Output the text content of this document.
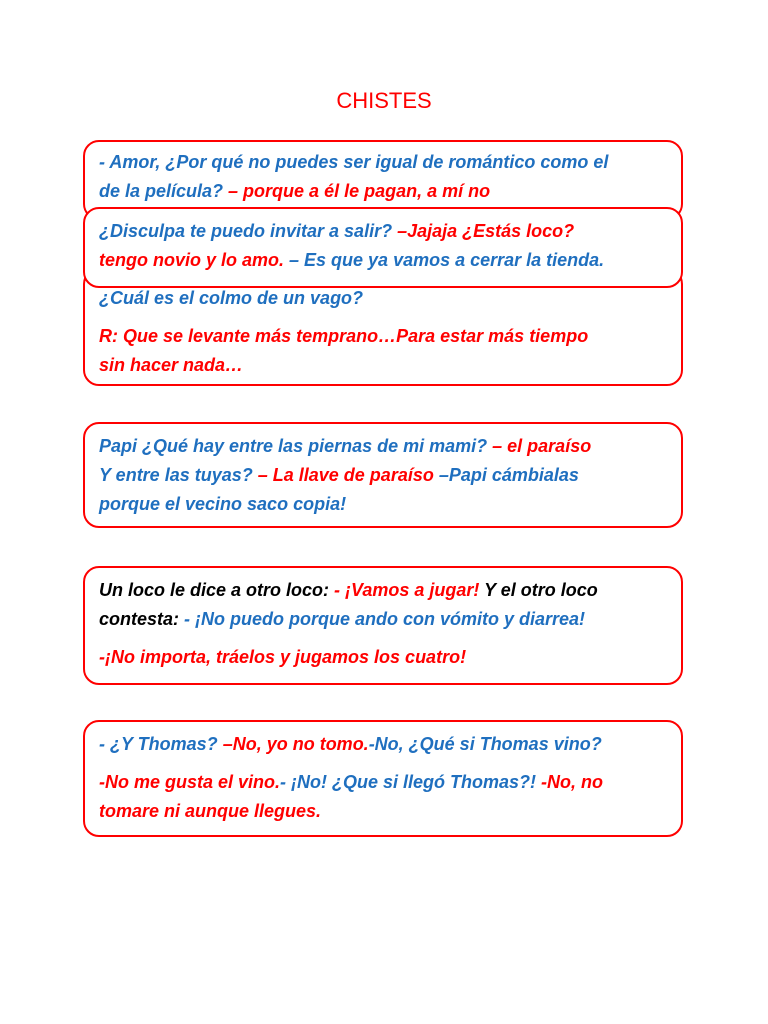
CHISTES
- Amor, ¿Por qué no puedes ser igual de romántico como el
de la película? – porque a él le pagan, a mí no
¿Cuál es el colmo de un vago?
R: Que se levante más temprano…Para estar más tiempo
sin hacer nada…
¿Disculpa te puedo invitar a salir? –Jajaja ¿Estás loco?
tengo novio y lo amo. – Es que ya vamos a cerrar la tienda.
Papi ¿Qué hay entre las piernas de mi mami? – el paraíso
Y entre las tuyas? – La llave de paraíso –Papi cámbialas
porque el vecino saco copia!
Un loco le dice a otro loco: - ¡Vamos a jugar! Y el otro loco
contesta: - ¡No puedo porque ando con vómito y diarrea!
-¡No importa, tráelos y jugamos los cuatro!
- ¿Y Thomas? –No, yo no tomo.-No, ¿Qué si Thomas vino?
-No me gusta el vino.- ¡No! ¿Que si llegó Thomas?! -No, no
tomare ni aunque llegues.
